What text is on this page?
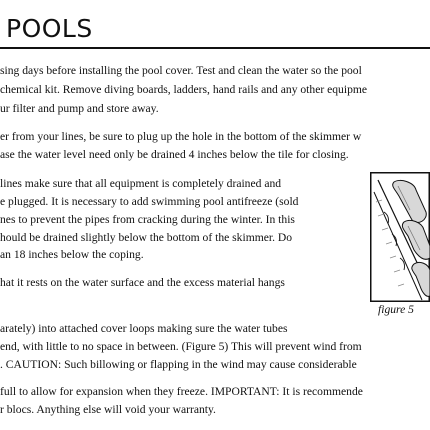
POOLS

sing days before installing the pool cover. Test and clean the water so the pool

chemical kit. Remove diving boards, ladders, hand rails and any other equipme

ur filter and pump and store away.

er from your lines, be sure to plug up the hole in the bottom of the skimmer w

ase the water level need only be drained 4 inches below the tile for closing.

lines make sure that all equipment is completely drained and

e plugged. It is necessary to add swimming pool antifreeze (sold

nes to prevent the pipes from cracking during the winter. In this

hould be drained slightly below the bottom of the skimmer. Do

an 18 inches below the coping.

hat it rests on the water surface and the excess material hangs

arately) into attached cover loops making sure the water tubes

end, with little to no space in between. (Figure 5) This will prevent wind from

. CAUTION: Such billowing or flapping in the wind may cause considerable

full to allow for expansion when they freeze. IMPORTANT: It is recommende

r blocs. Anything else will void your warranty.

figure 5
